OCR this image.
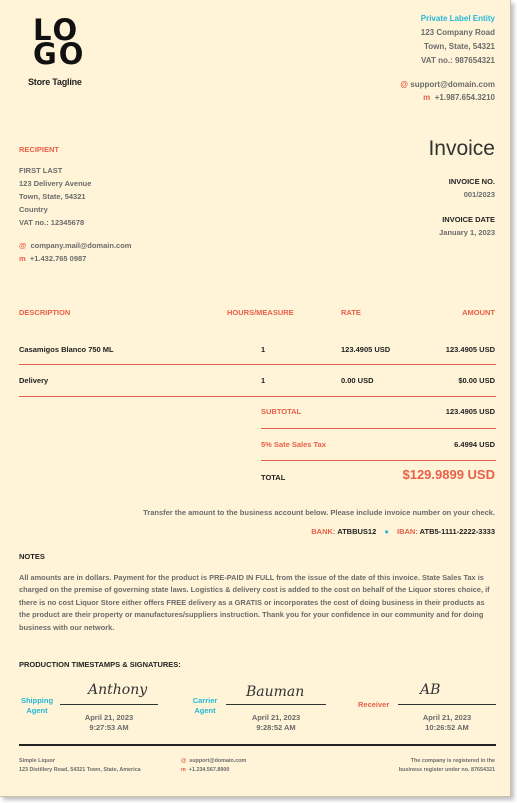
LO
GO
Store Tagline
Private Label Entity
123 Company Road
Town, State, 54321
VAT no.: 987654321
@ support@domain.com
m +1.987.654.3210
RECIPIENT
FIRST LAST
123 Delivery Avenue
Town, State, 54321
Country
VAT no.: 12345678
@ company.mail@domain.com
m +1.432.765 0987
Invoice
INVOICE NO.
001/2023
INVOICE DATE
January 1, 2023
DESCRIPTION	HOURS/MEASURE	RATE	AMOUNT
Casamigos Blanco 750 ML	1	123.4905 USD	123.4905 USD
Delivery	1	0.00 USD	$0.00 USD
SUBTOTAL	123.4905 USD
5% Sate Sales Tax	6.4994 USD
TOTAL	$129.9899 USD
Transfer the amount to the business account below. Please include invoice number on your check.
BANK: ATBBUS12 ● IBAN: ATB5-1111-2222-3333
NOTES
All amounts are in dollars. Payment for the product is PRE-PAID IN FULL from the issue of the date of this invoice. State Sales Tax is charged on the premise of governing state laws. Logistics & delivery cost is added to the cost on behalf of the Liquor stores choice, if there is no cost Liquor Store either offers FREE delivery as a GRATIS or incorporates the cost of doing business in their products as the product are their property or manufactures/suppliers instruction. Thank you for your confidence in our community and for doing business with our network.
PRODUCTION TIMESTAMPS & SIGNATURES:
Shipping
Agent
Anthony
April 21, 2023
9:27:53 AM
Carrier
Agent
Bauman
April 21, 2023
9:28:52 AM
Receiver
AB
April 21, 2023
10:26:52 AM
Simple Liquor
123 Distillery Road, 54321 Town, State, America
@ support@domain.com
m +1.234.567.8900
The company is registered in the
business register under no. 87654321
